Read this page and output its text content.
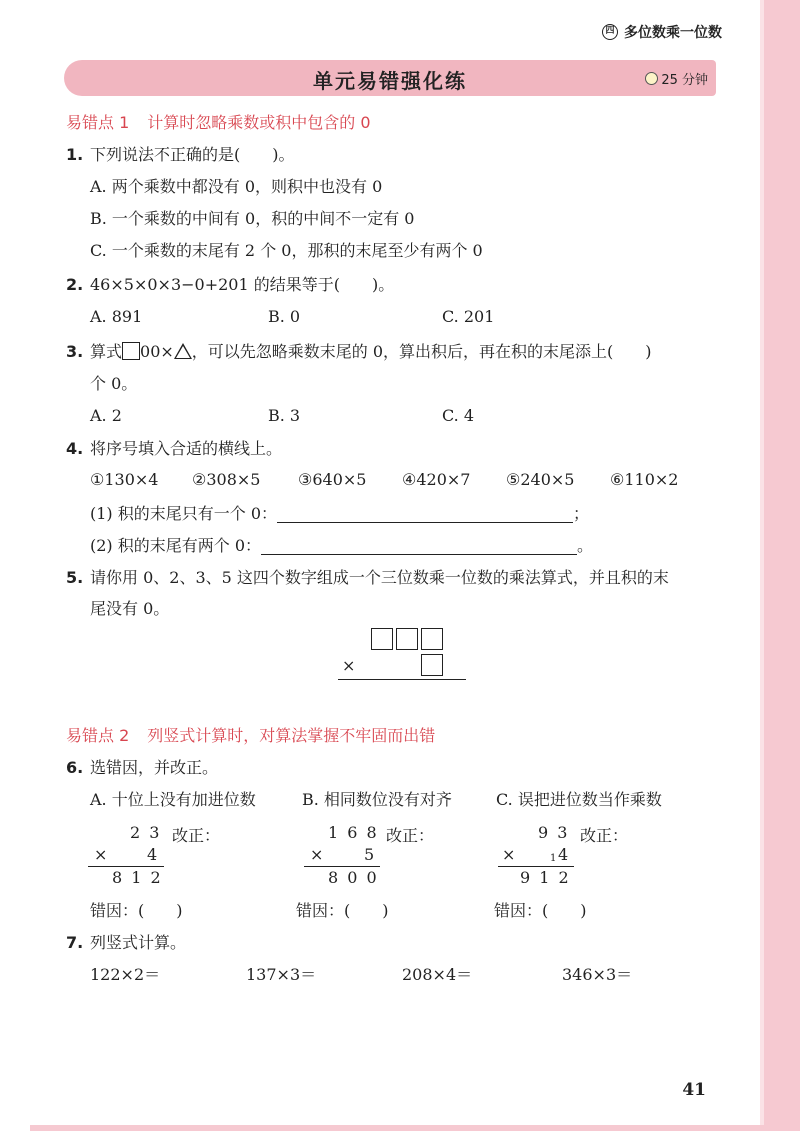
四 多位数乘一位数
单元易错强化练	25 分钟
易错点 1 计算时忽略乘数或积中包含的 0
1. 下列说法不正确的是(　　)。
A. 两个乘数中都没有 0，则积中也没有 0
B. 一个乘数的中间有 0，积的中间不一定有 0
C. 一个乘数的末尾有 2 个 0，那积的末尾至少有两个 0
2. 46×5×0×3−0+201 的结果等于(　　)。
A. 891	B. 0	C. 201
3. 算式 00× ，可以先忽略乘数末尾的 0，算出积后，再在积的末尾添上(　　)
个 0。
A. 2	B. 3	C. 4
4. 将序号填入合适的横线上。
①130×4 ②308×5 ③640×5 ④420×7 ⑤240×5 ⑥110×2
(1) 积的末尾只有一个 0：	；
(2) 积的末尾有两个 0：	。
5. 请你用 0、2、3、5 这四个数字组成一个三位数乘一位数的乘法算式，并且积的末
尾没有 0。
×
易错点 2 列竖式计算时，对算法掌握不牢固而出错
6. 选错因，并改正。
A. 十位上没有加进位数	B. 相同数位没有对齐	C. 误把进位数当作乘数
2 3 改正：
× 4
8 1 2
错因：(　　)
1 6 8 改正：
×	5
8 0 0
错因：(　　)
9 3 改正：
×	1 4
9 1 2
错因：(　　)
7. 列竖式计算。
122×2＝	137×3＝	208×4＝	346×3＝
41
